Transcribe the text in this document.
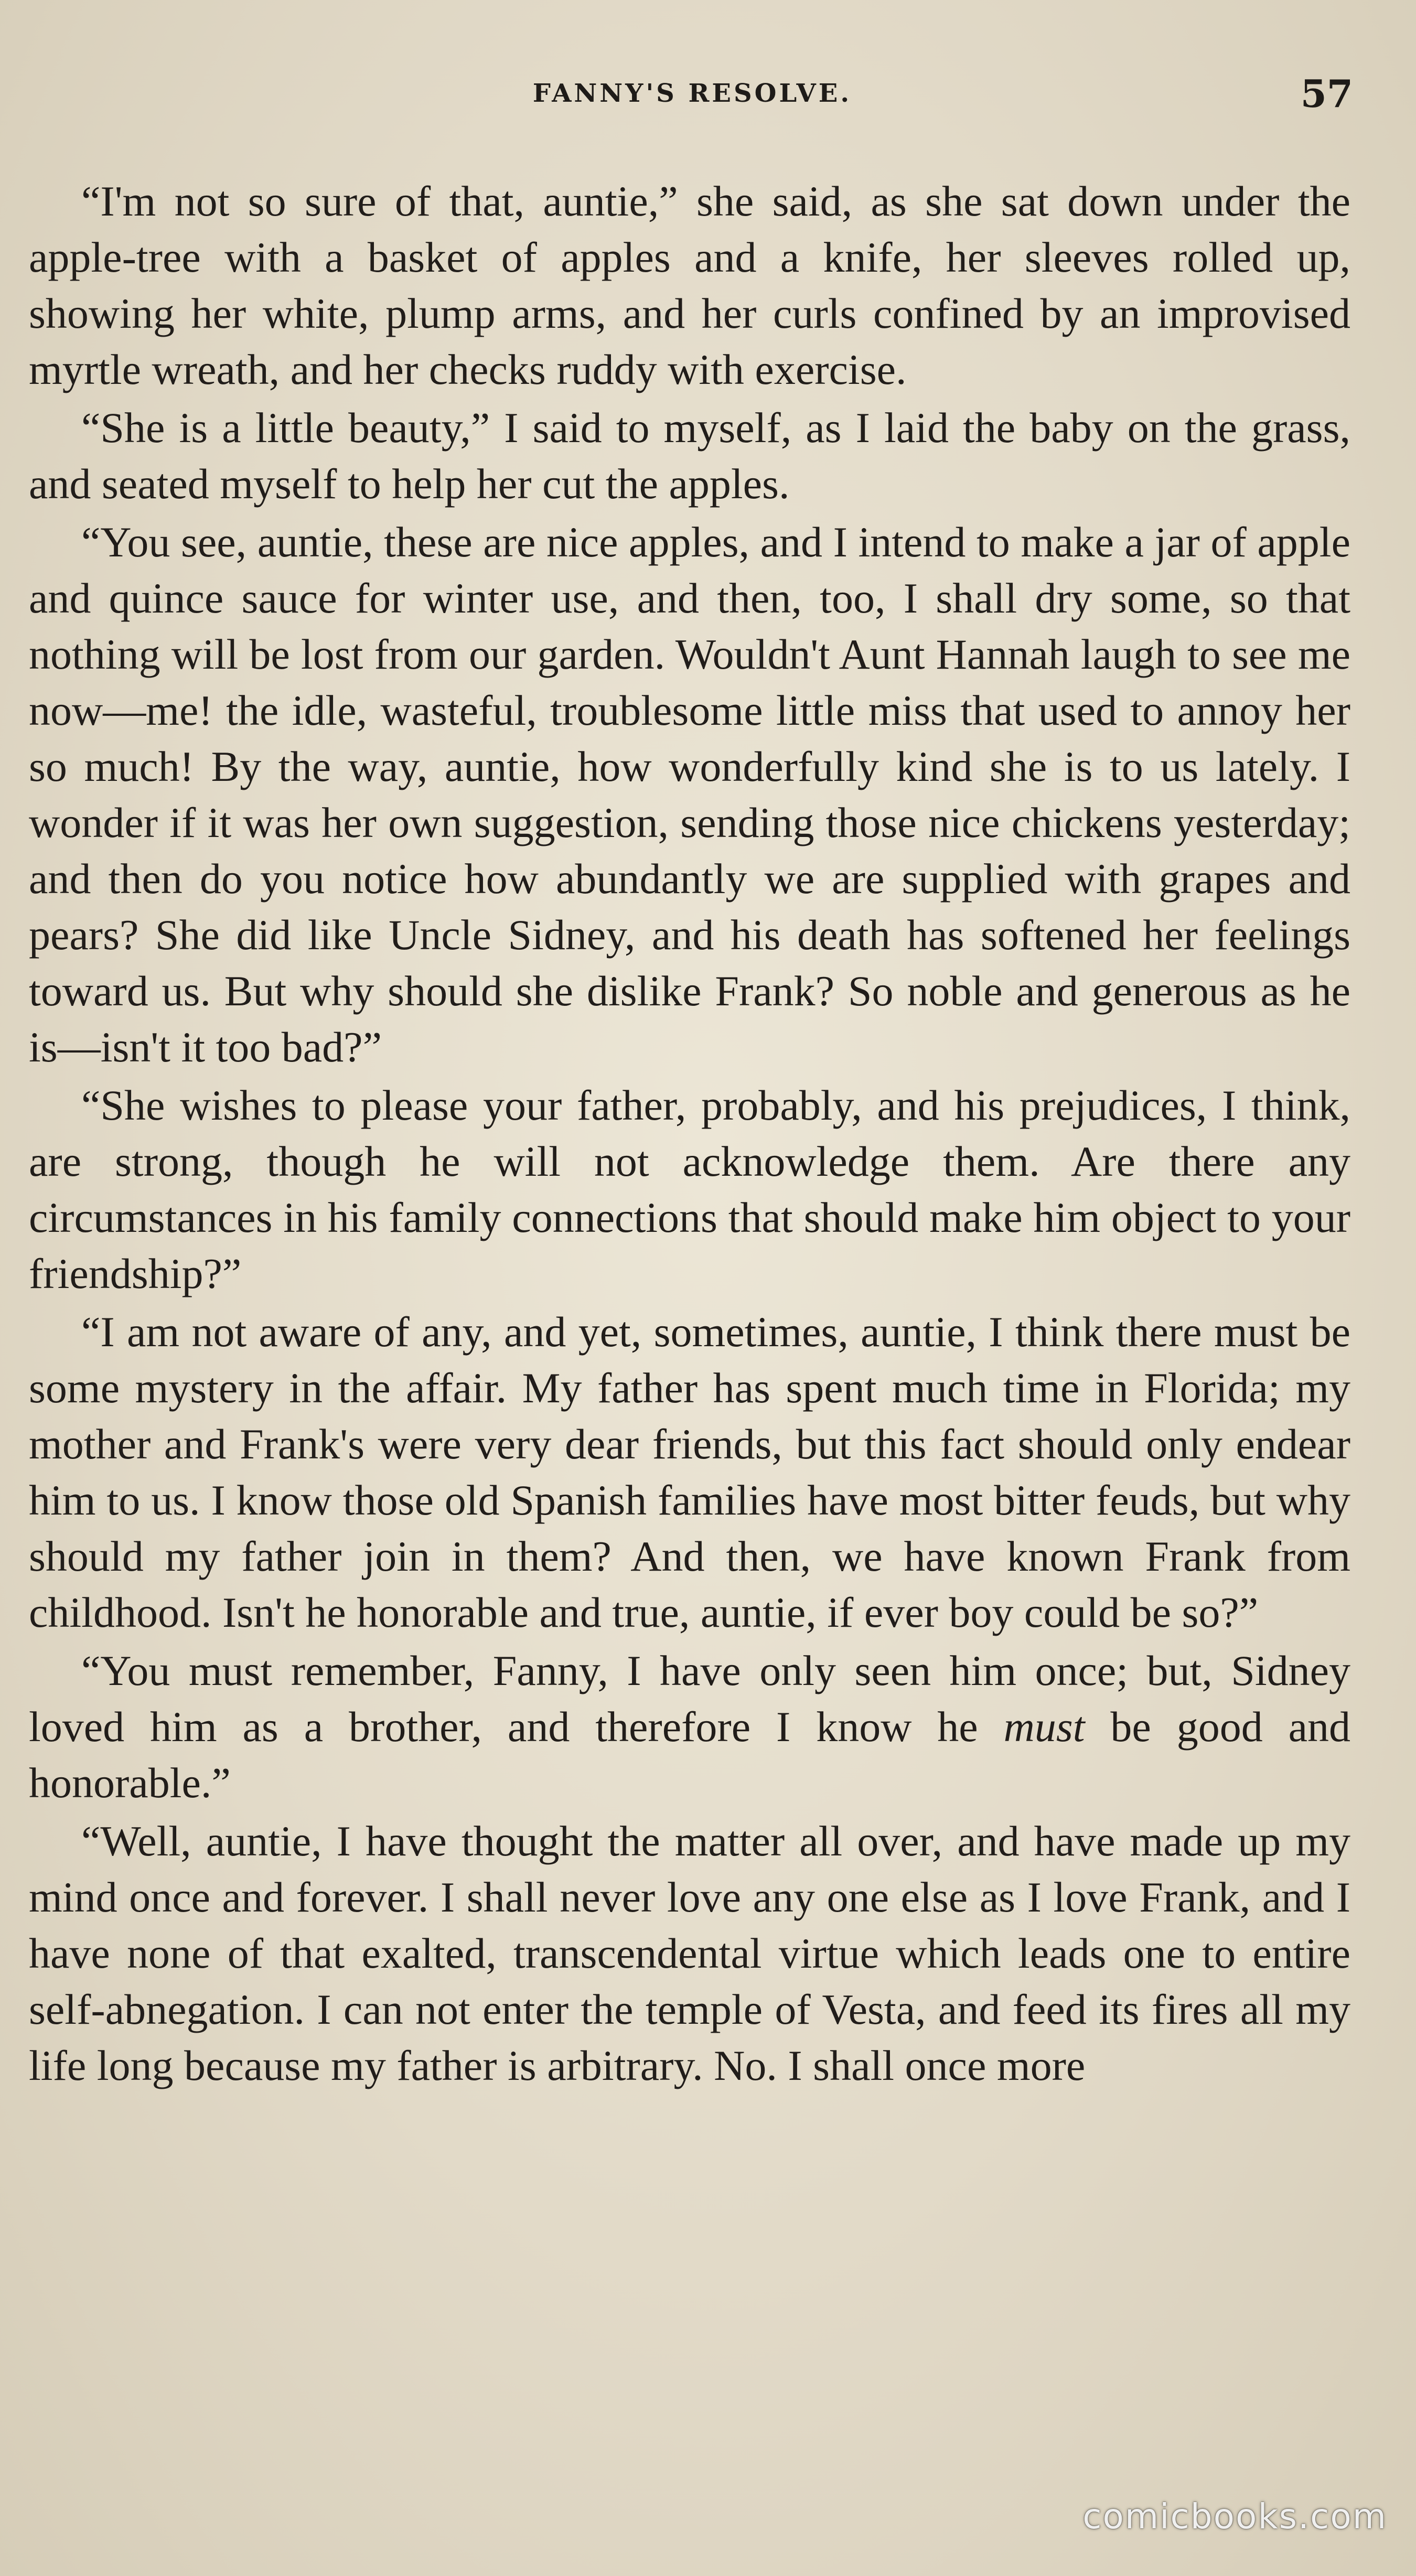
FANNY'S RESOLVE.	57

“I'm not so sure of that, auntie,” she said, as she sat down under the apple-tree with a basket of apples and a knife, her sleeves rolled up, showing her white, plump arms, and her curls confined by an improvised myrtle wreath, and her checks ruddy with exercise.

“She is a little beauty,” I said to myself, as I laid the baby on the grass, and seated myself to help her cut the apples.

“You see, auntie, these are nice apples, and I intend to make a jar of apple and quince sauce for winter use, and then, too, I shall dry some, so that nothing will be lost from our garden. Wouldn't Aunt Hannah laugh to see me now—me! the idle, wasteful, troublesome little miss that used to annoy her so much! By the way, auntie, how wonderfully kind she is to us lately. I wonder if it was her own suggestion, sending those nice chickens yesterday; and then do you notice how abundantly we are supplied with grapes and pears? She did like Uncle Sidney, and his death has softened her feelings toward us. But why should she dislike Frank? So noble and generous as he is—isn't it too bad?”

“She wishes to please your father, probably, and his prejudices, I think, are strong, though he will not acknowledge them. Are there any circumstances in his family connections that should make him object to your friendship?”

“I am not aware of any, and yet, sometimes, auntie, I think there must be some mystery in the affair. My father has spent much time in Florida; my mother and Frank's were very dear friends, but this fact should only endear him to us. I know those old Spanish families have most bitter feuds, but why should my father join in them? And then, we have known Frank from childhood. Isn't he honorable and true, auntie, if ever boy could be so?”

“You must remember, Fanny, I have only seen him once; but, Sidney loved him as a brother, and therefore I know he must be good and honorable.”

“Well, auntie, I have thought the matter all over, and have made up my mind once and forever. I shall never love any one else as I love Frank, and I have none of that exalted, transcendental virtue which leads one to entire self-abnegation. I can not enter the temple of Vesta, and feed its fires all my life long because my father is arbitrary. No. I shall once more

comicbooks.com
